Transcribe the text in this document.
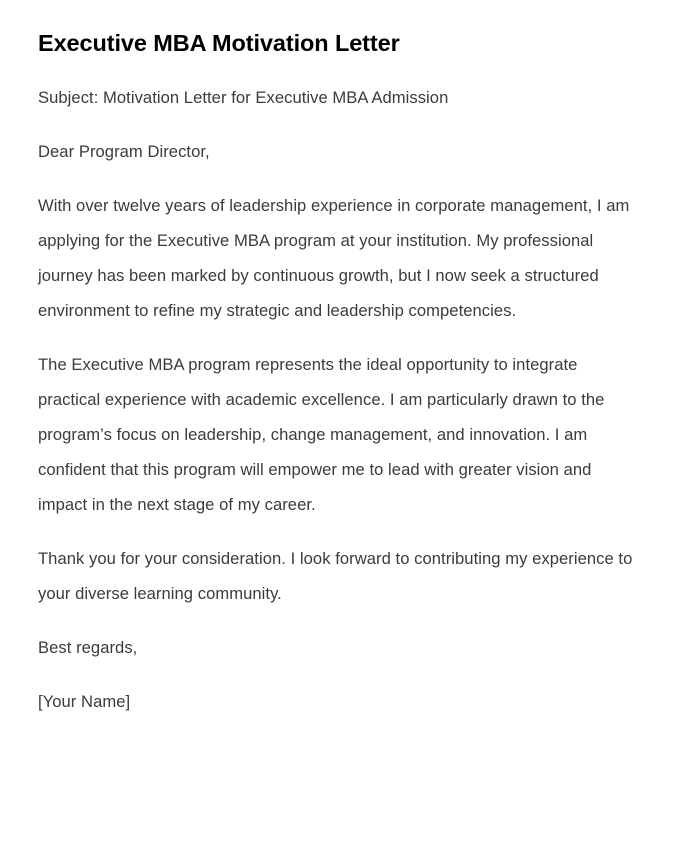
Executive MBA Motivation Letter

Subject: Motivation Letter for Executive MBA Admission

Dear Program Director,

With over twelve years of leadership experience in corporate management, I am applying for the Executive MBA program at your institution. My professional journey has been marked by continuous growth, but I now seek a structured environment to refine my strategic and leadership competencies.

The Executive MBA program represents the ideal opportunity to integrate practical experience with academic excellence. I am particularly drawn to the program’s focus on leadership, change management, and innovation. I am confident that this program will empower me to lead with greater vision and impact in the next stage of my career.

Thank you for your consideration. I look forward to contributing my experience to your diverse learning community.

Best regards,

[Your Name]
